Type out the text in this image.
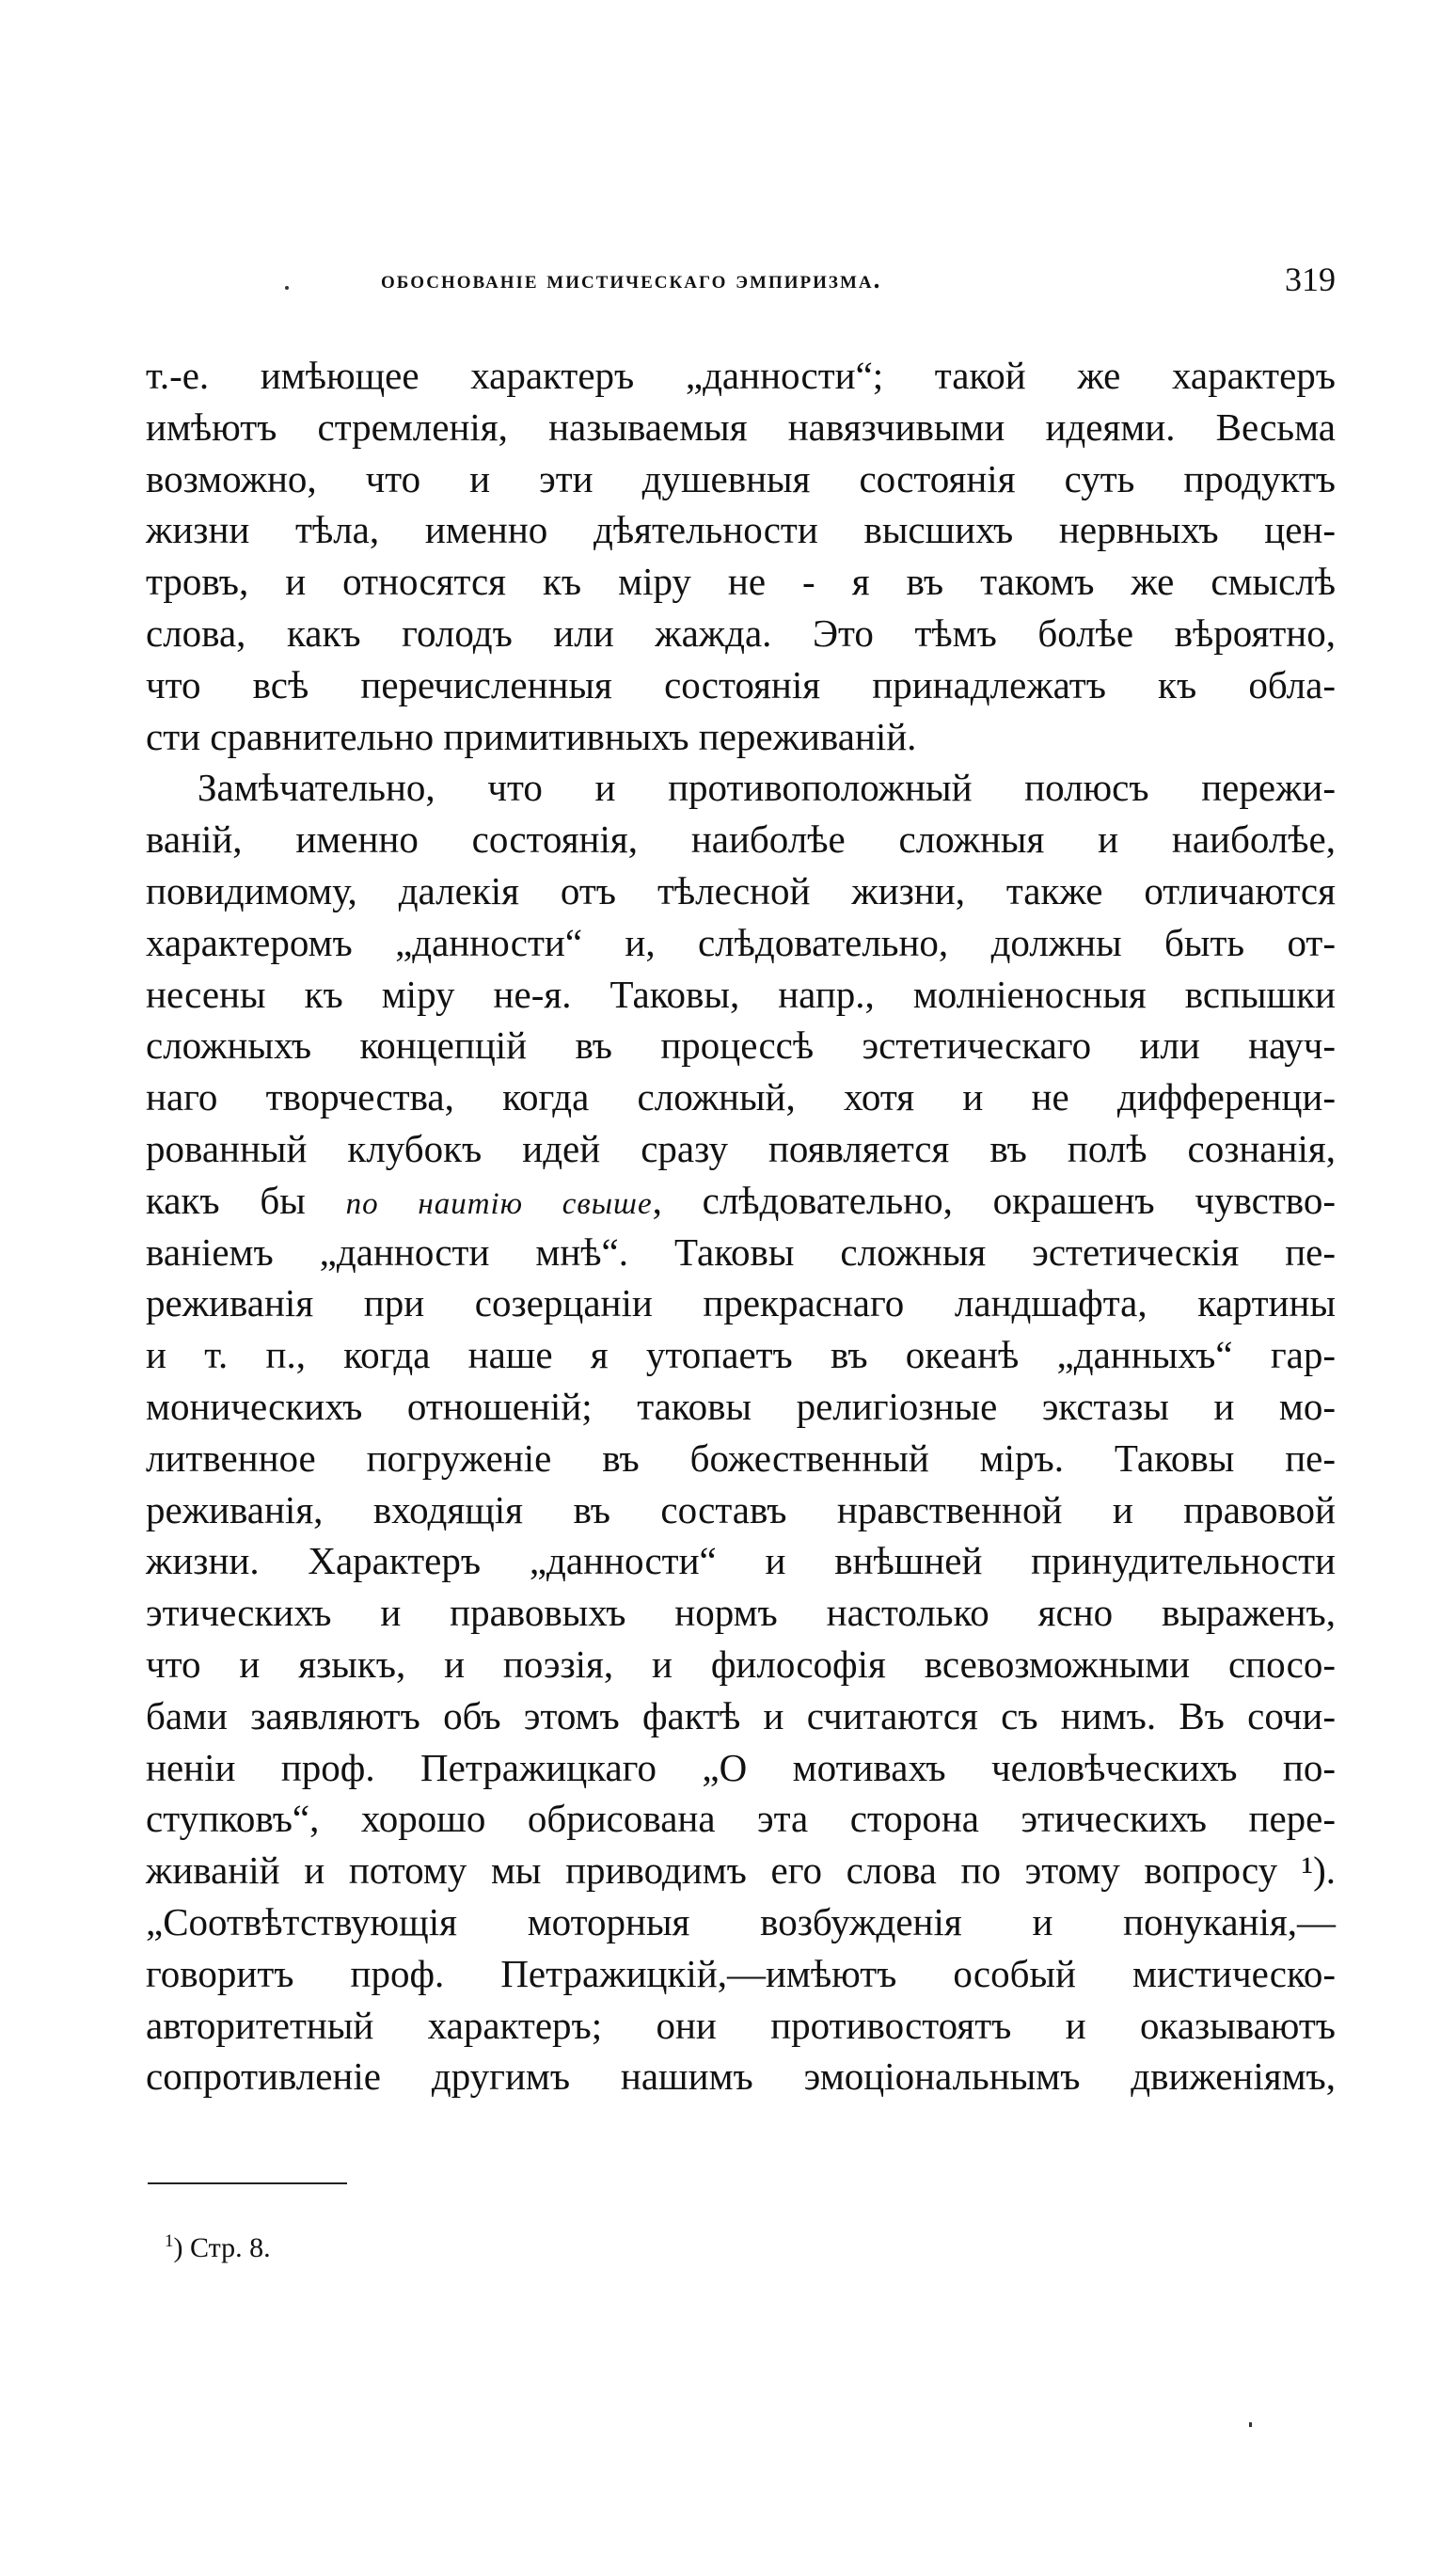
обоснованіе мистическаго эмпиризма.	319
т.-е. имѣющее характеръ „данности“; такой же характеръ
имѣютъ стремленія, называемыя навязчивыми идеями. Весьма
возможно, что и эти душевныя состоянія суть продуктъ
жизни тѣла, именно дѣятельности высшихъ нервныхъ цен-
тровъ, и относятся къ міру не - я въ такомъ же смыслѣ
слова, какъ голодъ или жажда. Это тѣмъ болѣе вѣроятно,
что всѣ перечисленныя состоянія принадлежатъ къ обла-
сти сравнительно примитивныхъ переживаній.
Замѣчательно, что и противоположный полюсъ пережи-
ваній, именно состоянія, наиболѣе сложныя и наиболѣе,
повидимому, далекія отъ тѣлесной жизни, также отличаются
характеромъ „данности“ и, слѣдовательно, должны быть от-
несены къ міру не-я. Таковы, напр., молніеносныя вспышки
сложныхъ концепцій въ процессѣ эстетическаго или науч-
наго творчества, когда сложный, хотя и не дифференци-
рованный клубокъ идей сразу появляется въ полѣ сознанія,
какъ бы по наитію свыше, слѣдовательно, окрашенъ чувство-
ваніемъ „данности мнѣ“. Таковы сложныя эстетическія пе-
реживанія при созерцаніи прекраснаго ландшафта, картины
и т. п., когда наше я утопаетъ въ океанѣ „данныхъ“ гар-
моническихъ отношеній; таковы религіозные экстазы и мо-
литвенное погруженіе въ божественный міръ. Таковы пе-
реживанія, входящія въ составъ нравственной и правовой
жизни. Характеръ „данности“ и внѣшней принудительности
этическихъ и правовыхъ нормъ настолько ясно выраженъ,
что и языкъ, и поэзія, и философія всевозможными спосо-
бами заявляютъ объ этомъ фактѣ и считаются съ нимъ. Въ сочи-
неніи проф. Петражицкаго „О мотивахъ человѣческихъ по-
ступковъ“, хорошо обрисована эта сторона этическихъ пере-
живаній и потому мы приводимъ его слова по этому вопросу ¹).
„Соотвѣтствующія моторныя возбужденія и понуканія,—
говоритъ проф. Петражицкій,—имѣютъ особый мистическо-
авторитетный характеръ; они противостоятъ и оказываютъ
сопротивленіе другимъ нашимъ эмоціональнымъ движеніямъ,
$^1$) Стр. 8.
